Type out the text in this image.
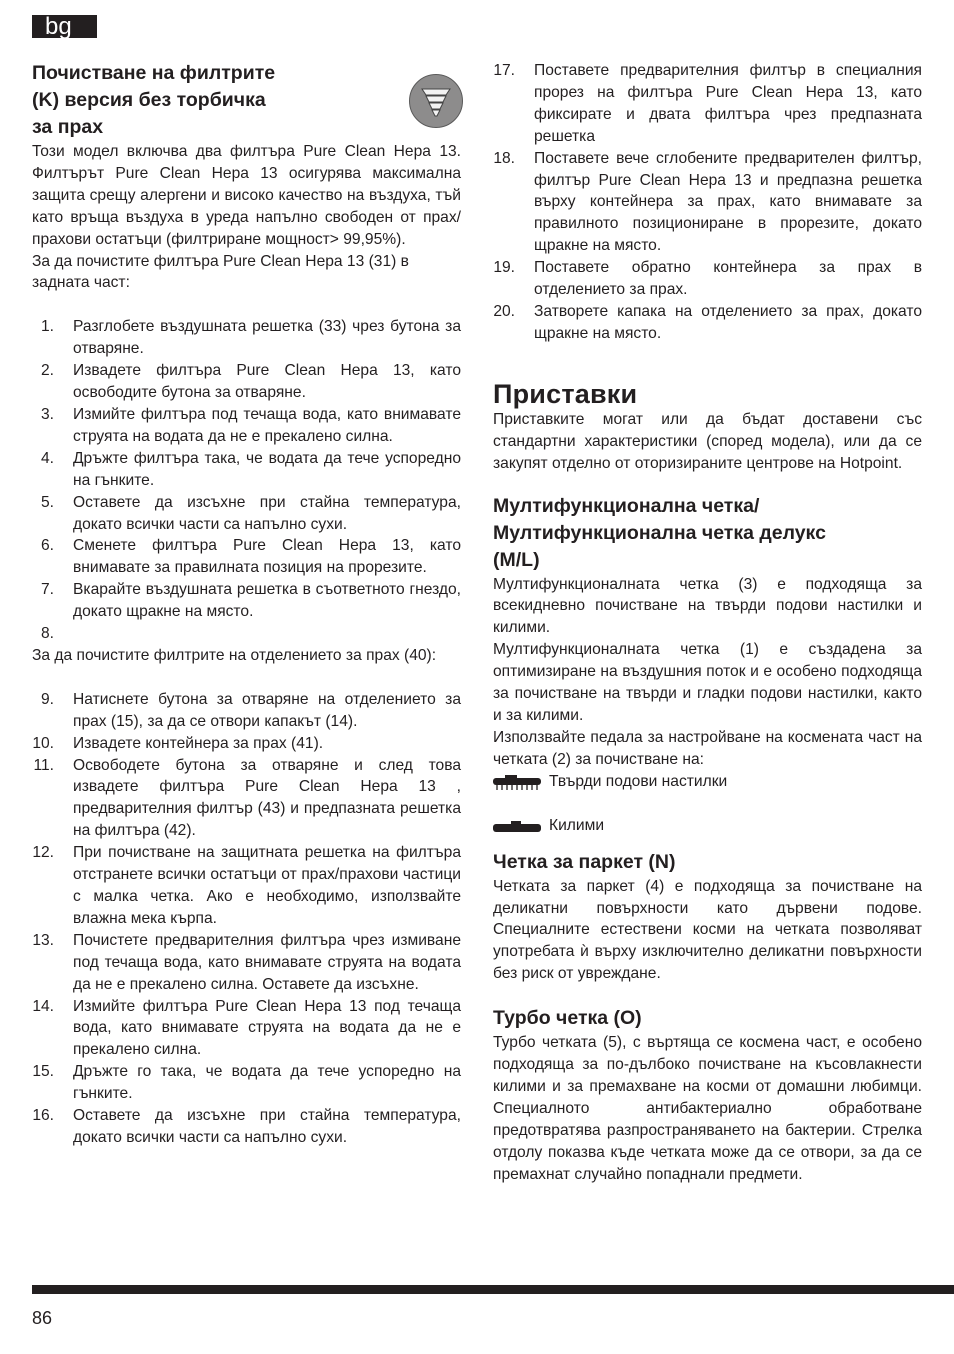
bg
Почистване на филтрите
(K) версия без торбичка
за прах

Този модел включва два филтъра Pure Clean Hepa 13. Филтърът Pure Clean Hepa 13 осигурява максимална защита срещу алергени и високо качество на въздуха, тъй като връща въздуха в уреда напълно свободен от прах/прахови остатъци (филтриране мощност> 99,95%).

За да почистите филтъра Pure Clean Hepa 13 (31) в задната част:

1. Разглобете въздушната решетка (33) чрез бутона за отваряне.
2. Извадете филтъра Pure Clean Hepa 13, като освободите бутона за отваряне.
3. Измийте филтъра под течаща вода, като внимавате струята на водата да не е прекалено силна.
4. Дръжте филтъра така, че водата да тече успоредно на гънките.
5. Оставете да изсъхне при стайна температура, докато всички части са напълно сухи.
6. Сменете филтъра Pure Clean Hepa 13, като внимавате за правилната позиция на прорезите.
7. Вкарайте въздушната решетка в съответното гнездо, докато щракне на място.
8.

За да почистите филтрите на отделението за прах (40):

9. Натиснете бутона за отваряне на отделението за прах (15), за да се отвори капакът (14).
10. Извадете контейнера за прах (41).
11. Освободете бутона за отваряне и след това извадете филтъра Pure Clean Hepa 13 , предварителния филтър (43) и предпазната решетка на филтъра (42).
12. При почистване на защитната решетка на филтъра отстранете всички остатъци от прах/прахови частици с малка четка. Ако е необходимо, използвайте влажна мека кърпа.
13. Почистете предварителния филтъра чрез измиване под течаща вода, като внимавате струята на водата да не е прекалено силна. Оставете да изсъхне.
14. Измийте филтъра Pure Clean Hepa 13 под течаща вода, като внимавате струята на водата да не е прекалено силна.
15. Дръжте го така, че водата да тече успоредно на гънките.
16. Оставете да изсъхне при стайна температура, докато всички части са напълно сухи.
17. Поставете предварителния филтър в специалния прорез на филтъра Pure Clean Hepa 13, като фиксирате и двата филтъра чрез предпазната решетка
18. Поставете вече сглобените предварителен филтър, филтър Pure Clean Hepa 13 и предпазна решетка върху контейнера за прах, като внимавате за правилното позициониране в прорезите, докато щракне на място.
19. Поставете обратно контейнера за прах в отделението за прах.
20. Затворете капака на отделението за прах, докато щракне на място.
Приставки

Приставките могат или да бъдат доставени със стандартни характеристики (според модела), или да се закупят отделно от оторизираните центрове на Hotpoint.

Мултифункционална четка/
Мултифункционална четка делукс
(M/L)

Мултифункционалната четка (3) е подходяща за всекидневно почистване на твърди подови настилки и килими.

Мултифункционалната четка (1) е създадена за оптимизиране на въздушния поток и е особено подходяща за почистване на твърди и гладки подови настилки, както и за килими.

Използвайте педала за настройване на космената част на четката (2) за почистване на:

Твърди подови настилки
Килими
Четка за паркет (N)

Четката за паркет (4) е подходяща за почистване на деликатни повърхности като дървени подове. Специалните естествени косми на четката позволяват употребата ѝ върху изключително деликатни повърхности без риск от увреждане.

Турбо четка (O)

Турбо четката (5), с въртяща се космена част, е особено подходяща за по-дълбоко почистване на късовлакнести килими и за премахване на косми от домашни любимци. Специалното антибактериално обработване предотвратява разпространяването на бактерии. Стрелка отдолу показва къде четката може да се отвори, за да се премахнат случайно попаднали предмети.

86
